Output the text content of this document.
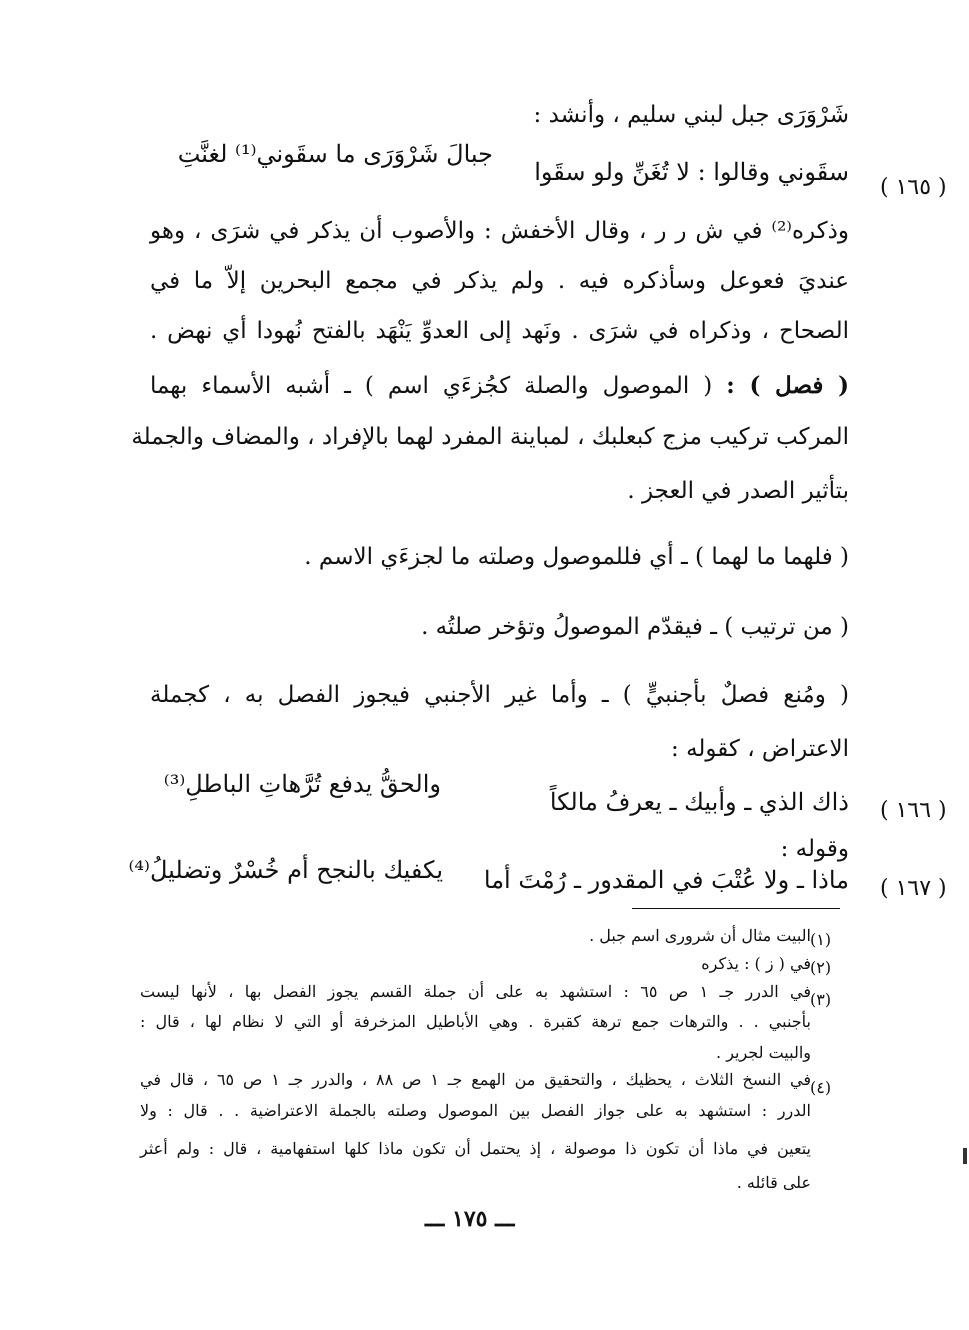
شَرْوَرَى جبل لبني سليم ، وأنشد :
( ١٦٥ )
سقَوني وقالوا : لا تُغَنِّ ولو سقَوا
جبالَ شَرْوَرَى ما سقَوني⁽¹⁾ لغنَّتِ
وذكره⁽²⁾ في ش ر ر ، وقال الأخفش : والأصوب أن يذكر في شرَى ، وهو
عنديَ فعوعل وسأذكره فيه . ولم يذكر في مجمع البحرين إلاّ ما في
الصحاح ، وذكراه في شرَى . ونَهد إلى العدوِّ يَنْهَد بالفتح نُهودا أي نهض .
( فصل ) : ( الموصول والصلة كجُزءَي اسم ) ـ أشبه الأسماء بهما
المركب تركيب مزج كبعلبك ، لمباينة المفرد لهما بالإفراد ، والمضاف والجملة
بتأثير الصدر في العجز .
( فلهما ما لهما ) ـ أي فللموصول وصلته ما لجزءَي الاسم .
( من ترتيب ) ـ فيقدّم الموصولُ وتؤخر صلتُه .
( ومُنع فصلٌ بأجنبيٍّ ) ـ وأما غير الأجنبي فيجوز الفصل به ، كجملة
الاعتراض ، كقوله :
( ١٦٦ )
ذاك الذي ـ وأبيك ـ يعرفُ مالكاً
والحقُّ يدفع تُرَّهاتِ الباطلِ⁽³⁾
وقوله :
( ١٦٧ )
ماذا ـ ولا عُتْبَ في المقدور ـ رُمْتَ أما
يكفيك بالنجح أم خُسْرٌ وتضليلُ⁽⁴⁾
(١)
البيت مثال أن شرورى اسم جبل .
(٢)
في ( ز ) : يذكره
(٣)
في الدرر جـ ١ ص ٦٥ : استشهد به على أن جملة القسم يجوز الفصل بها ، لأنها ليست
بأجنبي . . والترهات جمع ترهة كقبرة . وهي الأباطيل المزخرفة أو التي لا نظام لها ، قال :
والبيت لجرير .
(٤)
في النسخ الثلاث ، يحظيك ، والتحقيق من الهمع جـ ١ ص ٨٨ ، والدرر جـ ١ ص ٦٥ ، قال في
الدرر : استشهد به على جواز الفصل بين الموصول وصلته بالجملة الاعتراضية . . قال : ولا
يتعين في ماذا أن تكون ذا موصولة ، إذ يحتمل أن تكون ماذا كلها استفهامية ، قال : ولم أعثر
على قائله .
ـــ ١٧٥ ـــ
